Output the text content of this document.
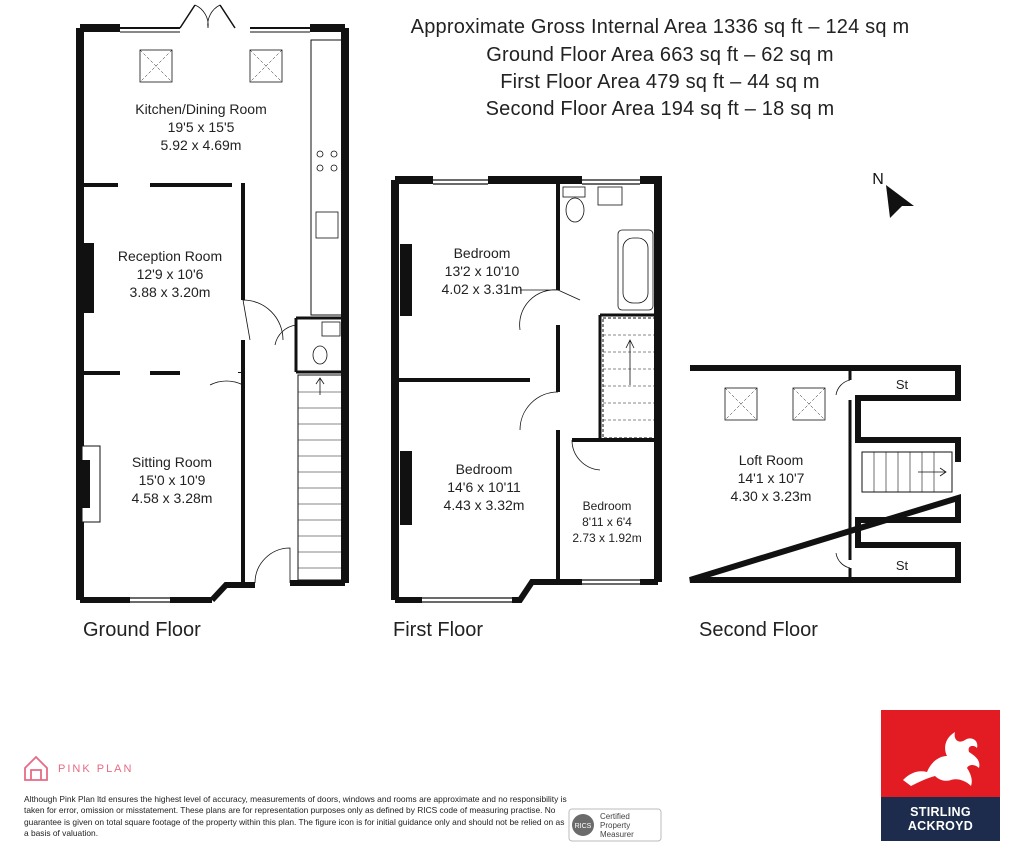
Approximate Gross Internal Area 1336 sq ft – 124 sq m
Ground Floor Area 663 sq ft – 62 sq m
First Floor Area 479 sq ft – 44 sq m
Second Floor Area 194 sq ft – 18 sq m
Kitchen/Dining Room
19'5 x 15'5
5.92 x 4.69m
Reception Room
12'9 x 10'6
3.88 x 3.20m
Sitting Room
15'0 x 10'9
4.58 x 3.28m
Bedroom
13'2 x 10'10
4.02 x 3.31m
Bedroom
14'6 x 10'11
4.43 x 3.32m	Bedroom
8'11 x 6'4
2.73 x 1.92m
Loft Room
14'1 x 10'7
4.30 x 3.23m
St
St
N
Ground Floor	First Floor	Second Floor
PINK PLAN
Although Pink Plan ltd ensures the highest level of accuracy, measurements of doors, windows and rooms are approximate and no responsibility is taken for error, omission or misstatement. These plans are for representation purposes only as defined by RICS code of measuring practise. No guarantee is given on total square footage of the property within this plan. The figure icon is for initial guidance only and should not be relied on as a basis of valuation.
RICS
Certified
Property
Measurer
STIRLING
ACKROYD
